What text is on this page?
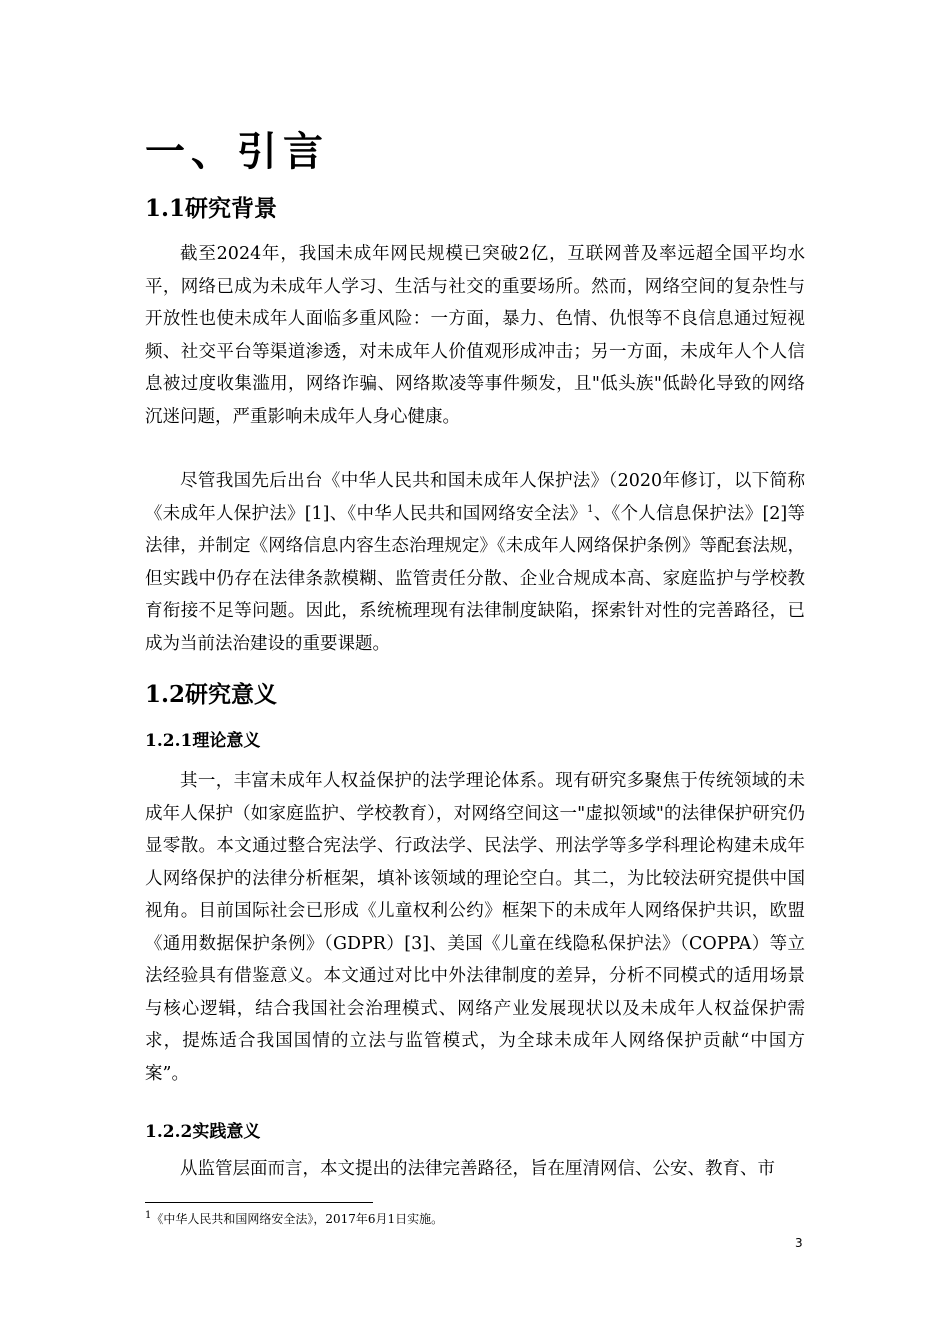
一、引言
1.1研究背景

截至2024年，我国未成年网民规模已突破2亿，互联网普及率远超全国平均水平，网络已成为未成年人学习、生活与社交的重要场所。然而，网络空间的复杂性与开放性也使未成年人面临多重风险：一方面，暴力、色情、仇恨等不良信息通过短视频、社交平台等渠道渗透，对未成年人价值观形成冲击；另一方面，未成年人个人信息被过度收集滥用，网络诈骗、网络欺凌等事件频发，且"低头族"低龄化导致的网络沉迷问题，严重影响未成年人身心健康。

尽管我国先后出台《中华人民共和国未成年人保护法》（2020年修订，以下简称《未成年人保护法》[1]、《中华人民共和国网络安全法》$^1$、《个人信息保护法》[2]等法律，并制定《网络信息内容生态治理规定》《未成年人网络保护条例》等配套法规，但实践中仍存在法律条款模糊、监管责任分散、企业合规成本高、家庭监护与学校教育衔接不足等问题。因此，系统梳理现有法律制度缺陷，探索针对性的完善路径，已成为当前法治建设的重要课题。

1.2研究意义
1.2.1理论意义

其一，丰富未成年人权益保护的法学理论体系。现有研究多聚焦于传统领域的未成年人保护（如家庭监护、学校教育），对网络空间这一"虚拟领域"的法律保护研究仍显零散。本文通过整合宪法学、行政法学、民法学、刑法学等多学科理论构建未成年人网络保护的法律分析框架，填补该领域的理论空白。其二，为比较法研究提供中国视角。目前国际社会已形成《儿童权利公约》框架下的未成年人网络保护共识，欧盟《通用数据保护条例》（GDPR）[3]、美国《儿童在线隐私保护法》（COPPA）等立法经验具有借鉴意义。本文通过对比中外法律制度的差异，分析不同模式的适用场景与核心逻辑，结合我国社会治理模式、网络产业发展现状以及未成年人权益保护需求，提炼适合我国国情的立法与监管模式，为全球未成年人网络保护贡献“中国方案”。

1.2.2实践意义

从监管层面而言，本文提出的法律完善路径，旨在厘清网信、公安、教育、市

$^1$《中华人民共和国网络安全法》，2017年6月1日实施。
3
